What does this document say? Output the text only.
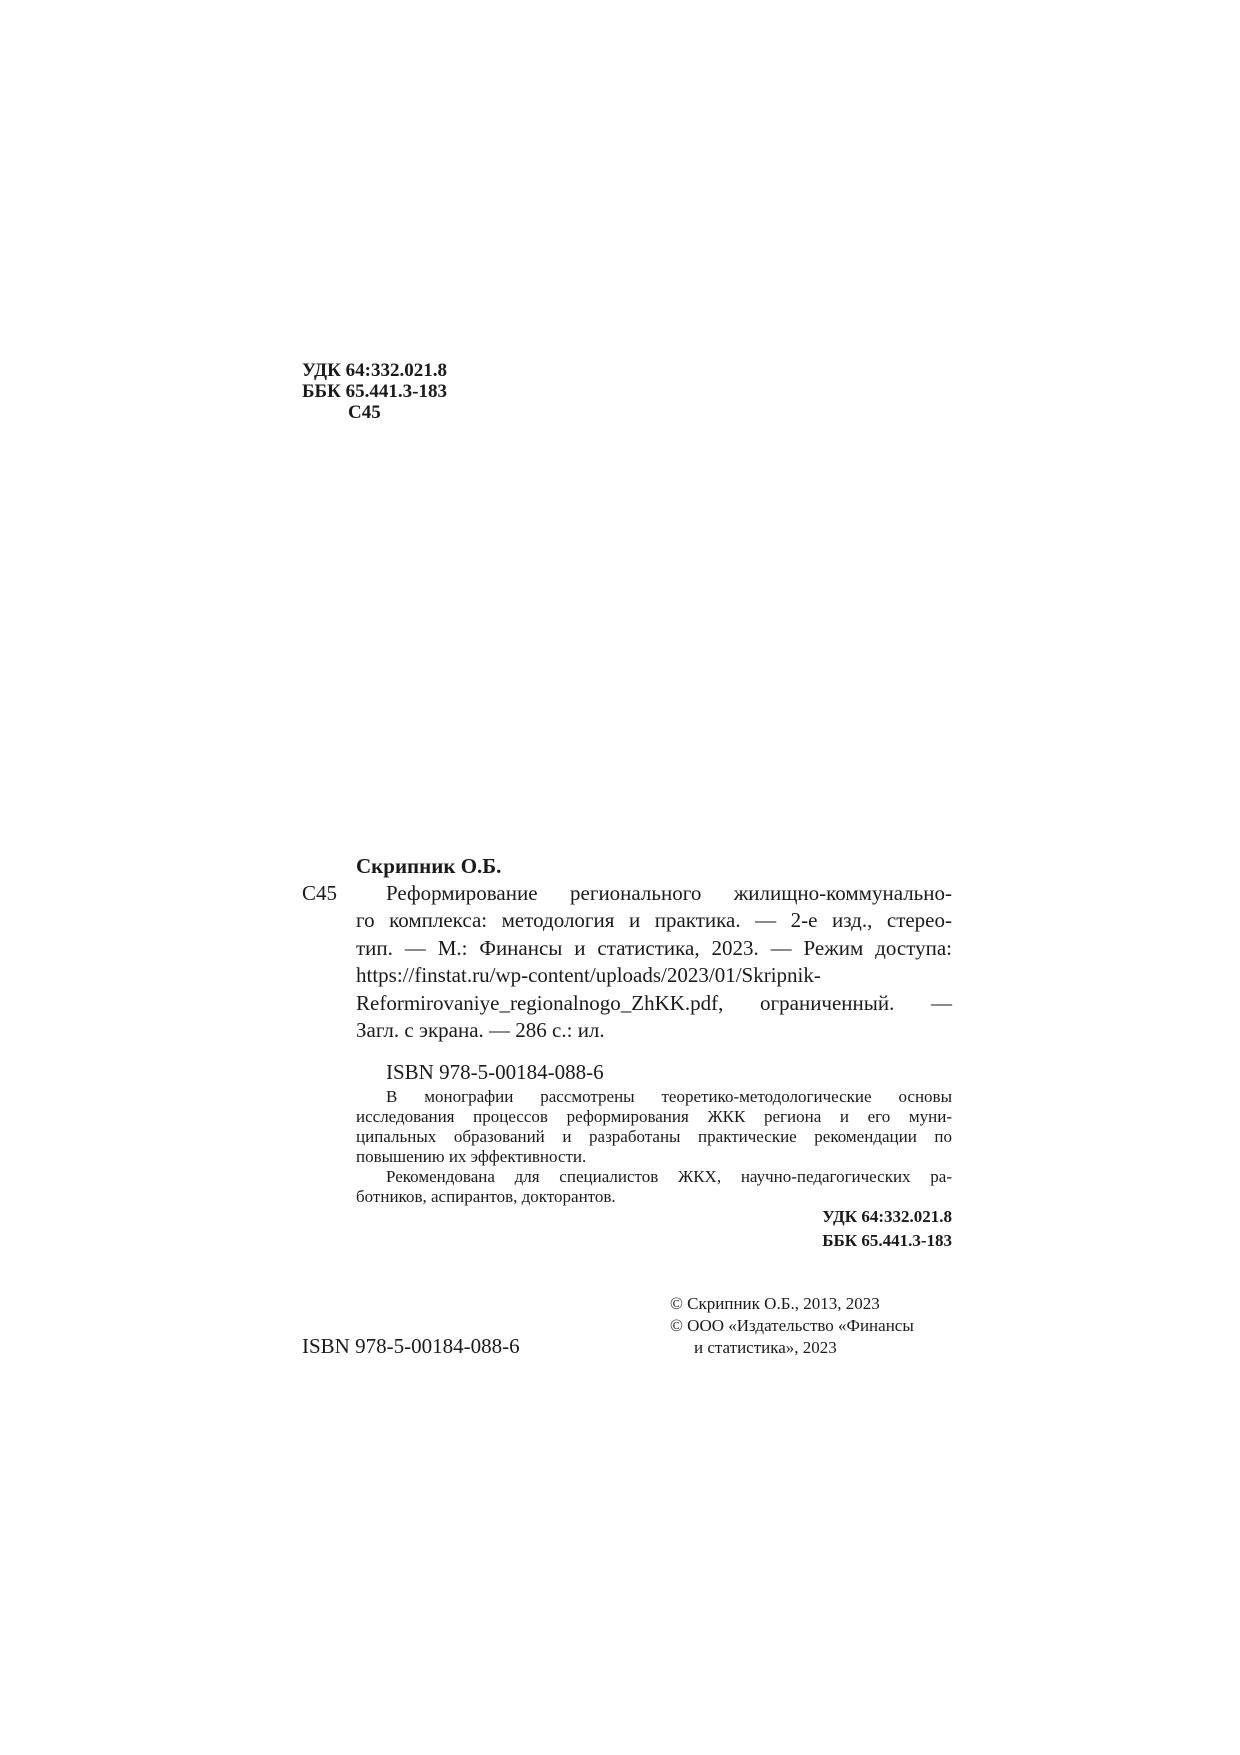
УДК 64:332.021.8
ББК 65.441.3-183
С45

Скрипник О.Б.

С45	Реформирование регионального жилищно-коммунально-
го комплекса: методология и практика. — 2-е изд., стерео-
тип. — М.: Финансы и статистика, 2023. — Режим доступа:
https://finstat.ru/wp-content/uploads/2023/01/Skripnik-
Reformirovaniye_regionalnogo_ZhKK.pdf, ограниченный. —
Загл. с экрана. — 286 с.: ил.

ISBN 978-5-00184-088-6

В монографии рассмотрены теоретико-методологические основы
исследования процессов реформирования ЖКК региона и его муни-
ципальных образований и разработаны практические рекомендации по
повышению их эффективности.
Рекомендована для специалистов ЖКХ, научно-педагогических ра-
ботников, аспирантов, докторантов.
УДК 64:332.021.8
ББК 65.441.3-183
© Скрипник О.Б., 2013, 2023
© ООО «Издательство «Финансы
и статистика», 2023

ISBN 978-5-00184-088-6
